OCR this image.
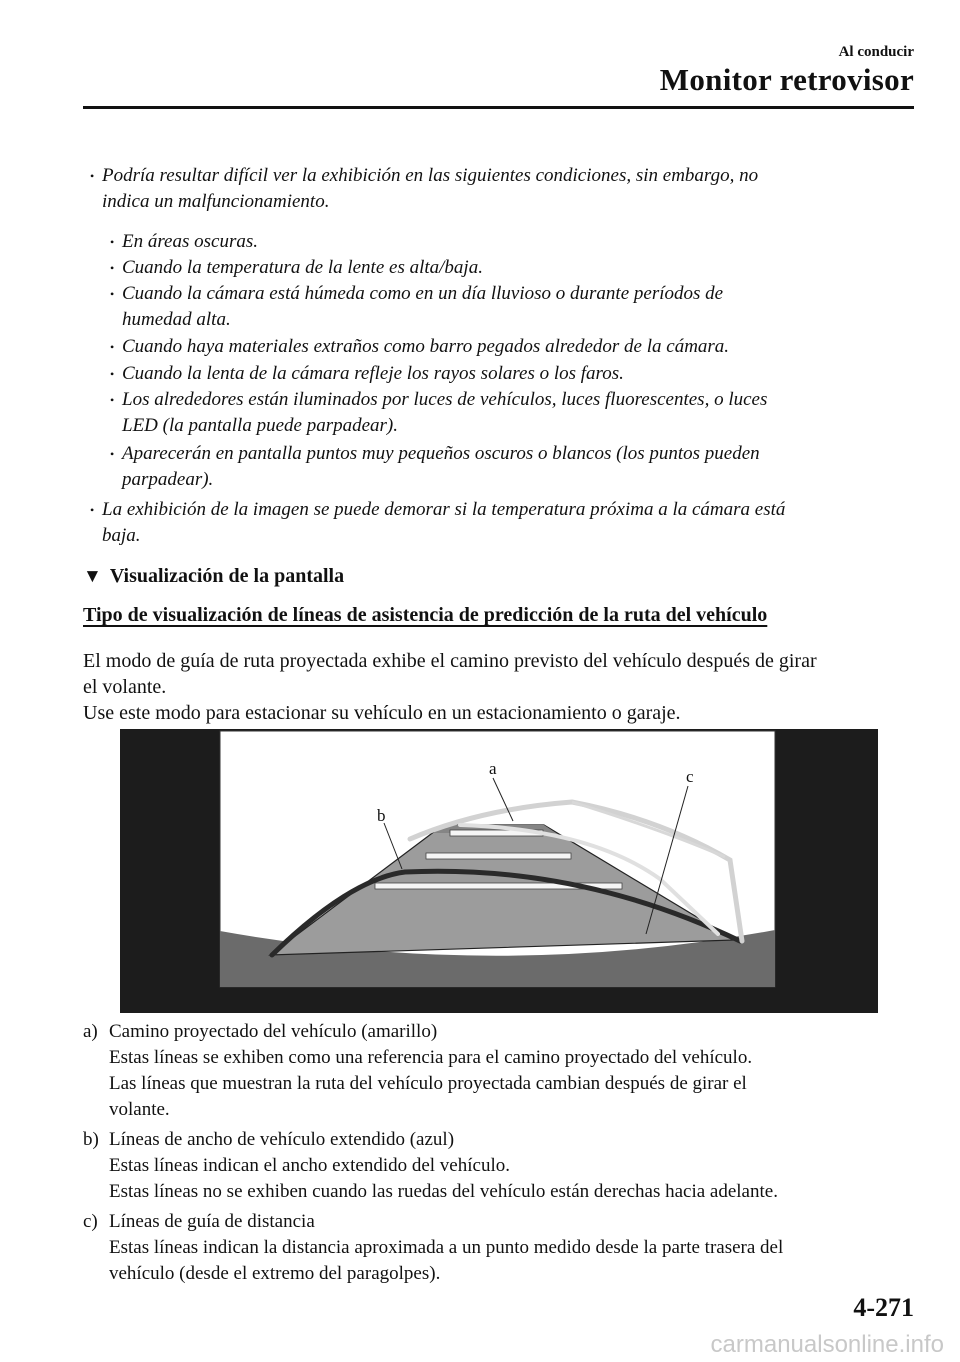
Al conducir
Monitor retrovisor
• Podría resultar difícil ver la exhibición en las siguientes condiciones, sin embargo, no
indica un malfuncionamiento.
• En áreas oscuras.
• Cuando la temperatura de la lente es alta/baja.
• Cuando la cámara está húmeda como en un día lluvioso o durante períodos de
humedad alta.
• Cuando haya materiales extraños como barro pegados alrededor de la cámara.
• Cuando la lenta de la cámara refleje los rayos solares o los faros.
• Los alrededores están iluminados por luces de vehículos, luces fluorescentes, o luces
LED (la pantalla puede parpadear).
• Aparecerán en pantalla puntos muy pequeños oscuros o blancos (los puntos pueden
parpadear).
• La exhibición de la imagen se puede demorar si la temperatura próxima a la cámara está
baja.
▼ Visualización de la pantalla
Tipo de visualización de líneas de asistencia de predicción de la ruta del vehículo
El modo de guía de ruta proyectada exhibe el camino previsto del vehículo después de girar
el volante.
Use este modo para estacionar su vehículo en un estacionamiento o garaje.
a
b
c
a) Camino proyectado del vehículo (amarillo)
Estas líneas se exhiben como una referencia para el camino proyectado del vehículo.
Las líneas que muestran la ruta del vehículo proyectada cambian después de girar el
volante.
b) Líneas de ancho de vehículo extendido (azul)
Estas líneas indican el ancho extendido del vehículo.
Estas líneas no se exhiben cuando las ruedas del vehículo están derechas hacia adelante.
c) Líneas de guía de distancia
Estas líneas indican la distancia aproximada a un punto medido desde la parte trasera del
vehículo (desde el extremo del paragolpes).
4-271
carmanualsonline.info
